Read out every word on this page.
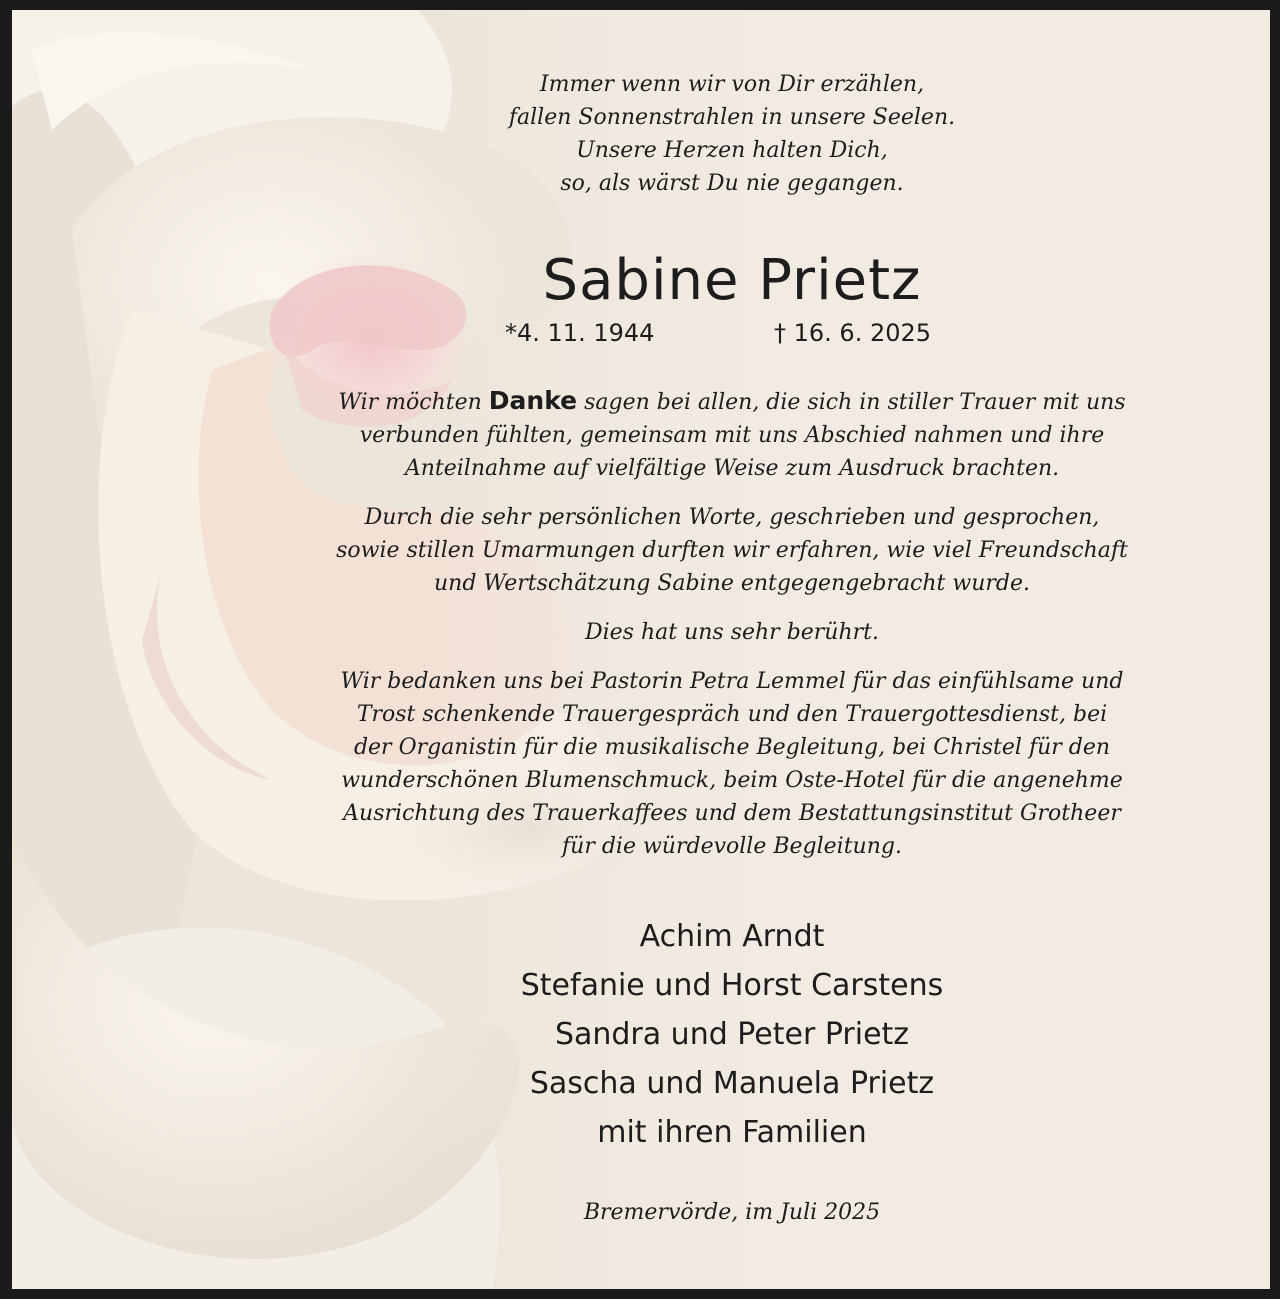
Immer wenn wir von Dir erzählen,
fallen Sonnenstrahlen in unsere Seelen.
Unsere Herzen halten Dich,
so, als wärst Du nie gegangen.
Sabine Prietz
*4. 11. 1944	† 16. 6. 2025
Wir möchten Danke sagen bei allen, die sich in stiller Trauer mit uns
verbunden fühlten, gemeinsam mit uns Abschied nahmen und ihre
Anteilnahme auf vielfältige Weise zum Ausdruck brachten.
Durch die sehr persönlichen Worte, geschrieben und gesprochen,
sowie stillen Umarmungen durften wir erfahren, wie viel Freundschaft
und Wertschätzung Sabine entgegengebracht wurde.
Dies hat uns sehr berührt.
Wir bedanken uns bei Pastorin Petra Lemmel für das einfühlsame und
Trost schenkende Trauergespräch und den Trauergottesdienst, bei
der Organistin für die musikalische Begleitung, bei Christel für den
wunderschönen Blumenschmuck, beim Oste-Hotel für die angenehme
Ausrichtung des Trauerkaffees und dem Bestattungsinstitut Grotheer
für die würdevolle Begleitung.
Achim Arndt
Stefanie und Horst Carstens
Sandra und Peter Prietz
Sascha und Manuela Prietz
mit ihren Familien
Bremervörde, im Juli 2025
